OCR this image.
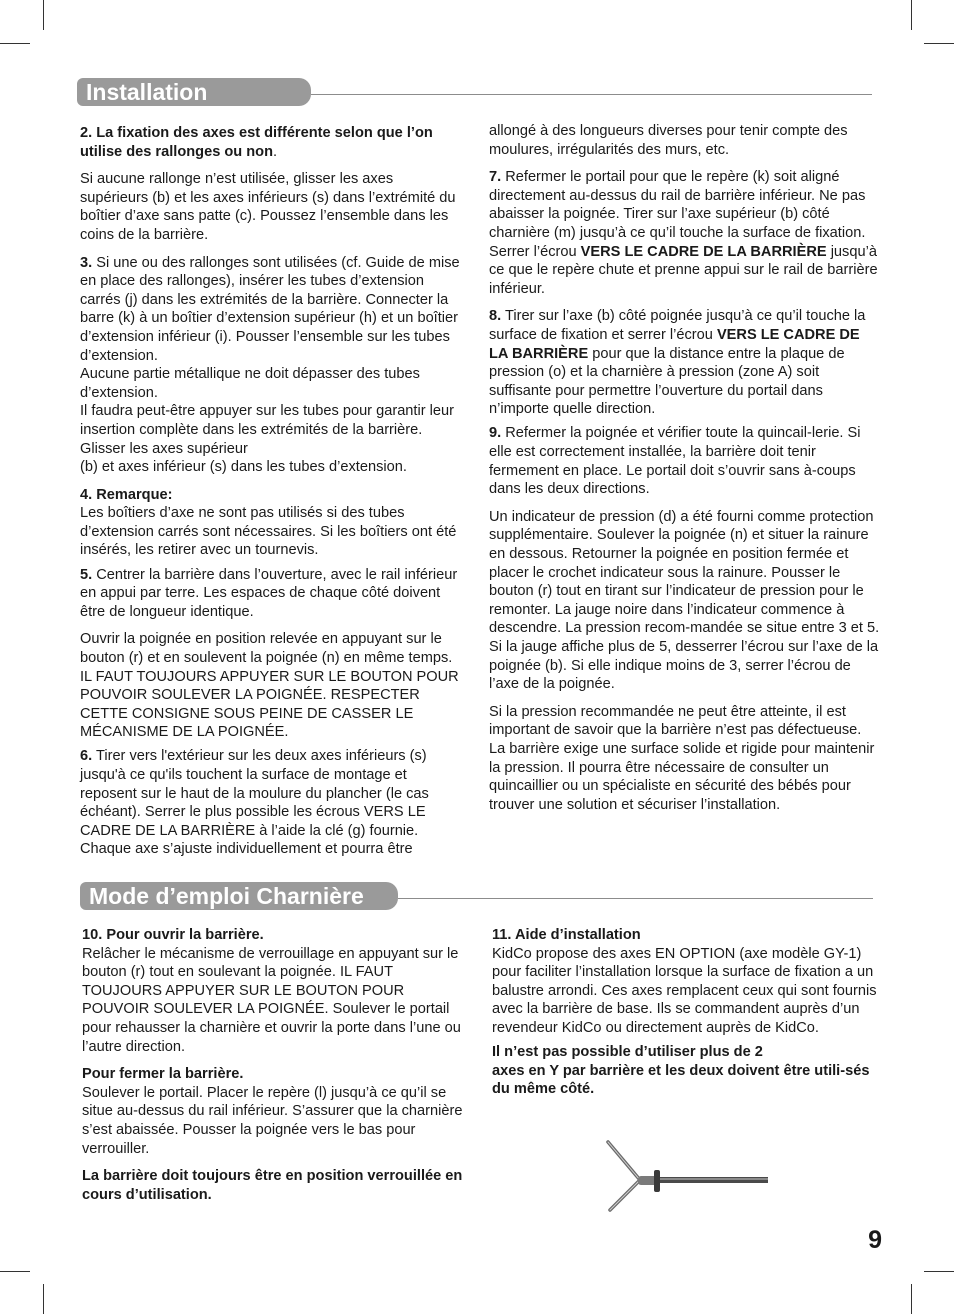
Installation

2. La fixation des axes est différente selon que l’on utilise des rallonges ou non.

Si aucune rallonge n’est utilisée, glisser les axes supérieurs (b) et les axes inférieurs (s) dans l’extrémité du boîtier d’axe sans patte (c). Poussez l’ensemble dans les coins de la barrière.

3. Si une ou des rallonges sont utilisées (cf. Guide de mise en place des rallonges), insérer les tubes d’extension carrés (j) dans les extrémités de la barrière. Connecter la barre (k) à un boîtier d’extension supérieur (h) et un boîtier d’extension inférieur (i). Pousser l’ensemble sur les tubes d’extension.

Aucune partie métallique ne doit dépasser des tubes d’extension.

Il faudra peut-être appuyer sur les tubes pour garantir leur insertion complète dans les extrémités de la barrière. Glisser les axes supérieur

(b) et axes inférieur (s) dans les tubes d’extension.

4. Remarque:

Les boîtiers d’axe ne sont pas utilisés si des tubes d’extension carrés sont nécessaires. Si les boîtiers ont été insérés, les retirer avec un tournevis.

5. Centrer la barrière dans l’ouverture, avec le rail inférieur en appui par terre. Les espaces de chaque côté doivent être de longueur identique.

Ouvrir la poignée en position relevée en appuyant sur le bouton (r) et en soulevent la poignée (n) en même temps. IL FAUT TOUJOURS APPUYER SUR LE BOUTON POUR POUVOIR SOULEVER LA POIGNÉE. RESPECTER CETTE CONSIGNE SOUS PEINE DE CASSER LE MÉCANISME DE LA POIGNÉE.

6. Tirer vers l'extérieur sur les deux axes inférieurs (s) jusqu'à ce qu'ils touchent la surface de montage et reposent sur le haut de la moulure du plancher (le cas échéant). Serrer le plus possible les écrous VERS LE CADRE DE LA BARRIÈRE à l’aide la clé (g) fournie. Chaque axe s’ajuste individuellement et pourra être

allongé à des longueurs diverses pour tenir compte des moulures, irrégularités des murs, etc.

7. Refermer le portail pour que le repère (k) soit aligné directement au-dessus du rail de barrière inférieur. Ne pas abaisser la poignée. Tirer sur l’axe supérieur (b) côté charnière (m) jusqu’à ce qu’il touche la surface de fixation. Serrer l’écrou VERS LE CADRE DE LA BARRIÈRE jusqu’à ce que le repère chute et prenne appui sur le rail de barrière inférieur.

8. Tirer sur l’axe (b) côté poignée jusqu’à ce qu’il touche la surface de fixation et serrer l’écrou VERS LE CADRE DE LA BARRIÈRE pour que la distance entre la plaque de pression (o) et la charnière à pression (zone A) soit suffisante pour permettre l’ouverture du portail dans n’importe quelle direction.

9. Refermer la poignée et vérifier toute la quincail-lerie. Si elle est correctement installée, la barrière doit tenir fermement en place. Le portail doit s’ouvrir sans à-coups dans les deux directions.

Un indicateur de pression (d) a été fourni comme protection supplémentaire. Soulever la poignée (n) et situer la rainure en dessous. Retourner la poignée en position fermée et placer le crochet indicateur sous la rainure. Pousser le bouton (r) tout en tirant sur l’indicateur de pression pour le remonter. La jauge noire dans l’indicateur commence à descendre. La pression recom-mandée se situe entre 3 et 5. Si la jauge affiche plus de 5, desserrer l’écrou sur l’axe de la poignée (b). Si elle indique moins de 3, serrer l’écrou de l’axe de la poignée.

Si la pression recommandée ne peut être atteinte, il est important de savoir que la barrière n’est pas défectueuse. La barrière exige une surface solide et rigide pour maintenir la pression. Il pourra être nécessaire de consulter un quincaillier ou un spécialiste en sécurité des bébés pour trouver une solution et sécuriser l’installation.

Mode d’emploi Charnière

10. Pour ouvrir la barrière.

Relâcher le mécanisme de verrouillage en appuyant sur le bouton (r) tout en soulevant la poignée. IL FAUT TOUJOURS APPUYER SUR LE BOUTON POUR POUVOIR SOULEVER LA POIGNÉE. Soulever le portail pour rehausser la charnière et ouvrir la porte dans l’une ou l’autre direction.

Pour fermer la barrière.

Soulever le portail. Placer le repère (l) jusqu’à ce qu’il se situe au-dessus du rail inférieur. S’assurer que la charnière s’est abaissée. Pousser la poignée vers le bas pour verrouiller.

La barrière doit toujours être en position verrouillée en cours d’utilisation.

11. Aide d’installation

KidCo propose des axes EN OPTION (axe modèle GY-1) pour faciliter l’installation lorsque la surface de fixation a un balustre arrondi. Ces axes remplacent ceux qui sont fournis avec la barrière de base. Ils se commandent auprès d’un revendeur KidCo ou directement auprès de KidCo.

Il n’est pas possible d’utiliser plus de 2

axes en Y par barrière et les deux doivent être utili-sés du même côté.

9
